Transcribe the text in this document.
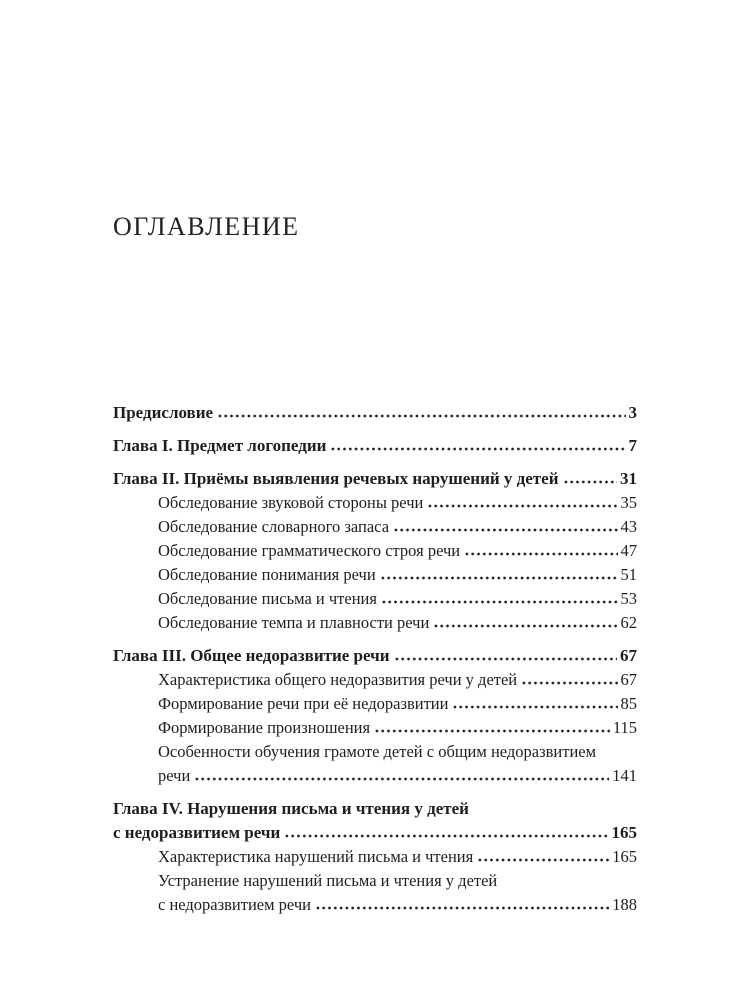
ОГЛАВЛЕНИЕ
Предисловие	3
Глава I. Предмет логопедии	7
Глава II. Приёмы выявления речевых нарушений у детей	31
Обследование звуковой стороны речи	35
Обследование словарного запаса	43
Обследование грамматического строя речи	47
Обследование понимания речи	51
Обследование письма и чтения	53
Обследование темпа и плавности речи	62
Глава III. Общее недоразвитие речи	67
Характеристика общего недоразвития речи у детей	67
Формирование речи при её недоразвитии	85
Формирование произношения	115
Особенности обучения грамоте детей с общим недоразвитием
речи	141
Глава IV. Нарушения письма и чтения у детей
с недоразвитием речи	165
Характеристика нарушений письма и чтения	165
Устранение нарушений письма и чтения у детей
с недоразвитием речи	188
